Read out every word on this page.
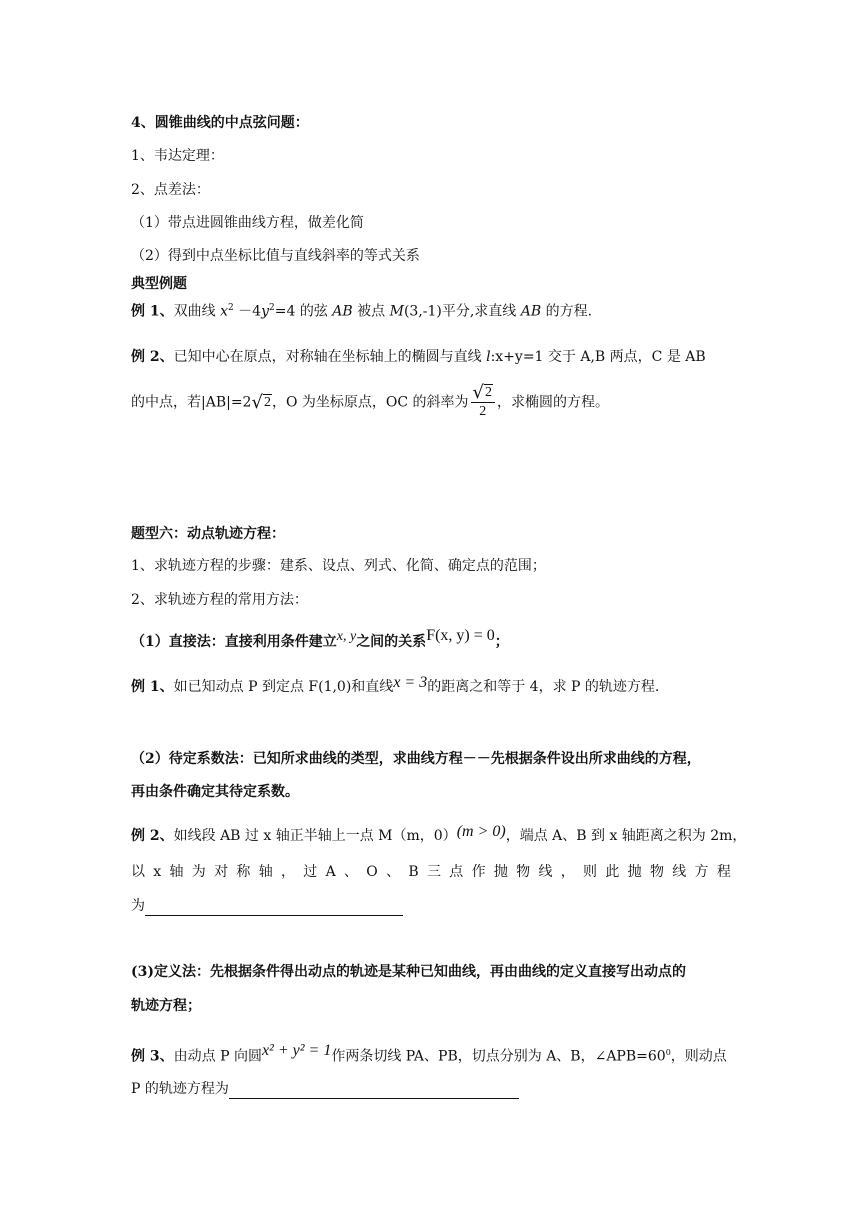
4、圆锥曲线的中点弦问题：
1、韦达定理：
2、点差法：
（1）带点进圆锥曲线方程，做差化简
（2）得到中点坐标比值与直线斜率的等式关系
典型例题
例 1、双曲线 $x^2 -4y^2=4$ 的弦 AB 被点 M(3,-1)平分,求直线 AB 的方程.
例 2、已知中心在原点，对称轴在坐标轴上的椭圆与直线 l:x+y=1 交于 A,B 两点，C 是 AB
的中点，若|AB|=2 √ 2 ，O 为坐标原点，OC 的斜率为 $\frac{√ 2}{2}$ ，求椭圆的方程。
题型六：动点轨迹方程：
1、求轨迹方程的步骤：建系、设点、列式、化简、确定点的范围；
2、求轨迹方程的常用方法：
（1）直接法：直接利用条件建立x, y之间的关系F(x, y) = 0；
例 1、如已知动点 P 到定点 F(1,0)和直线x = 3的距离之和等于 4，求 P 的轨迹方程.
（2）待定系数法：已知所求曲线的类型，求曲线方程－－先根据条件设出所求曲线的方程，
再由条件确定其待定系数。
例 2、如线段 AB 过 x 轴正半轴上一点 M（m，0）(m > 0)，端点 A、B 到 x 轴距离之积为 2m，
以 x 轴 为 对 称 轴 ， 过 A 、 O 、 B 三 点 作 抛 物 线 ， 则 此 抛 物 线 方 程
为
(3)定义法：先根据条件得出动点的轨迹是某种已知曲线，再由曲线的定义直接写出动点的
轨迹方程；
例 3、由动点 P 向圆x² + y² = 1作两条切线 PA、PB，切点分别为 A、B，$\angle APB=60^0$，则动点
P 的轨迹方程为
